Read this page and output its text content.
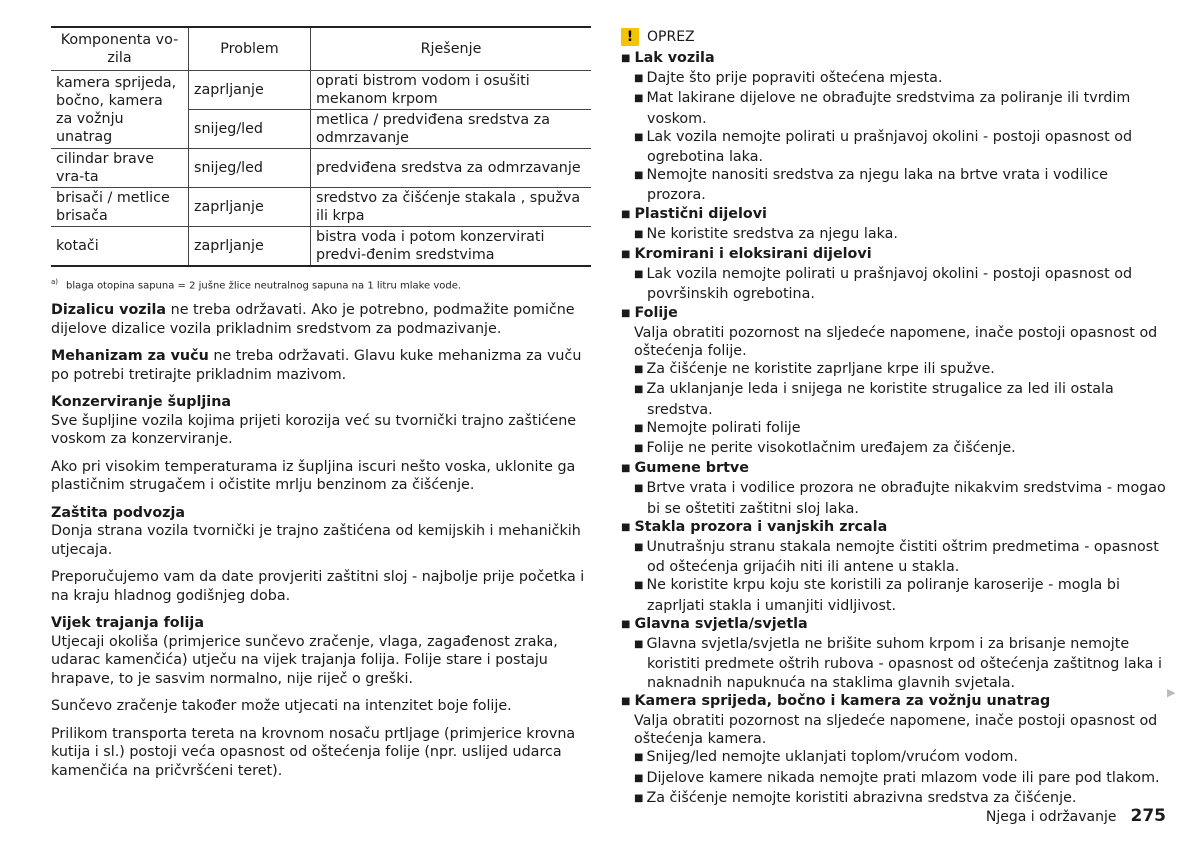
Komponenta vo-
zila	Problem	Rješenje
kamera sprijeda, bočno, kamera za vožnju unatrag	zaprljanje	oprati bistrom vodom i osušiti mekanom krpom
	snijeg/led	metlica / predviđena sredstva za odmrzavanje
cilindar brave vra-ta	snijeg/led	predviđena sredstva za odmrzavanje
brisači / metlice brisača	zaprljanje	sredstvo za čišćenje stakala , spužva ili krpa
kotači	zaprljanje	bistra voda i potom konzervirati predvi-đenim sredstvima
$^{a)}$ blaga otopina sapuna = 2 jušne žlice neutralnog sapuna na 1 litru mlake vode.

Dizalicu vozila ne treba održavati. Ako je potrebno, podmažite pomične dijelove dizalice vozila prikladnim sredstvom za podmazivanje.

Mehanizam za vuču ne treba održavati. Glavu kuke mehanizma za vuču po potrebi tretirajte prikladnim mazivom.

Konzerviranje šupljina

Sve šupljine vozila kojima prijeti korozija već su tvornički trajno zaštićene voskom za konzerviranje.

Ako pri visokim temperaturama iz šupljina iscuri nešto voska, uklonite ga plastičnim strugačem i očistite mrlju benzinom za čišćenje.

Zaštita podvozja

Donja strana vozila tvornički je trajno zaštićena od kemijskih i mehaničkih utjecaja.

Preporučujemo vam da date provjeriti zaštitni sloj - najbolje prije početka i na kraju hladnog godišnjeg doba.

Vijek trajanja folija

Utjecaji okoliša (primjerice sunčevo zračenje, vlaga, zagađenost zraka, udarac kamenčića) utječu na vijek trajanja folija. Folije stare i postaju hrapave, to je sasvim normalno, nije riječ o greški.

Sunčevo zračenje također može utjecati na intenzitet boje folije.

Prilikom transporta tereta na krovnom nosaču prtljage (primjerice krovna kutija i sl.) postoji veća opasnost od oštećenja folije (npr. uslijed udarca kamenčića na pričvršćeni teret).

! OPREZ
■ Lak vozila
■ Dajte što prije popraviti oštećena mjesta.
■ Mat lakirane dijelove ne obrađujte sredstvima za poliranje ili tvrdim voskom.
■ Lak vozila nemojte polirati u prašnjavoj okolini - postoji opasnost od ogrebotina laka.
■ Nemojte nanositi sredstva za njegu laka na brtve vrata i vodilice prozora.
■ Plastični dijelovi
■ Ne koristite sredstva za njegu laka.
■ Kromirani i eloksirani dijelovi
■ Lak vozila nemojte polirati u prašnjavoj okolini - postoji opasnost od površinskih ogrebotina.
■ Folije
Valja obratiti pozornost na sljedeće napomene, inače postoji opasnost od oštećenja folije.
■ Za čišćenje ne koristite zaprljane krpe ili spužve.
■ Za uklanjanje leda i snijega ne koristite strugalice za led ili ostala sredstva.
■ Nemojte polirati folije
■ Folije ne perite visokotlačnim uređajem za čišćenje.
■ Gumene brtve
■ Brtve vrata i vodilice prozora ne obrađujte nikakvim sredstvima - mogao bi se oštetiti zaštitni sloj laka.
■ Stakla prozora i vanjskih zrcala
■ Unutrašnju stranu stakala nemojte čistiti oštrim predmetima - opasnost od oštećenja grijaćih niti ili antene u stakla.
■ Ne koristite krpu koju ste koristili za poliranje karoserije - mogla bi zaprljati stakla i umanjiti vidljivost.
■ Glavna svjetla/svjetla
■ Glavna svjetla/svjetla ne brišite suhom krpom i za brisanje nemojte koristiti predmete oštrih rubova - opasnost od oštećenja zaštitnog laka i naknadnih napuknuća na staklima glavnih svjetala.
■ Kamera sprijeda, bočno i kamera za vožnju unatrag
Valja obratiti pozornost na sljedeće napomene, inače postoji opasnost od oštećenja kamera.
■ Snijeg/led nemojte uklanjati toplom/vrućom vodom.
■ Dijelove kamere nikada nemojte prati mlazom vode ili pare pod tlakom.
■ Za čišćenje nemojte koristiti abrazivna sredstva za čišćenje.
▶
Njega i održavanje 275
